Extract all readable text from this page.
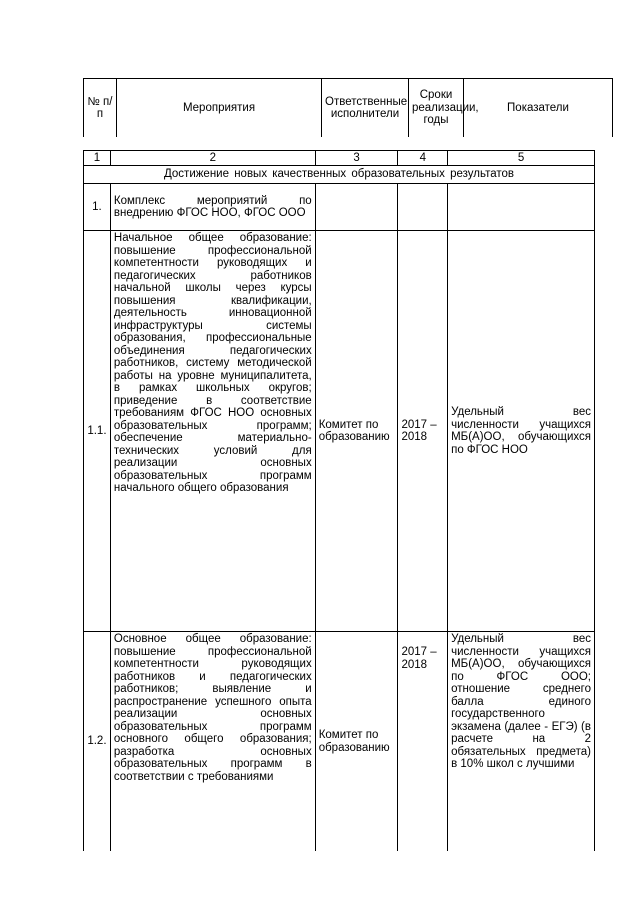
№ п/п	Мероприятия	Ответственные исполнители	Сроки реализации, годы	Показатели
1	2	3	4	5
Достижение новых качественных образовательных результатов				
1.	Комплекс мероприятий по внедрению ФГОС НОО, ФГОС ООО			
1.1.	Начальное общее образование: повышение профессиональной компетентности руководящих и педагогических работников начальной школы через курсы повышения квалификации, деятельность инновационной инфраструктуры системы образования, профессиональные объединения педагогических работников, систему методической работы на уровне муниципалитета, в рамках школьных округов; приведение в соответствие требованиям ФГОС НОО основных образовательных программ; обеспечение материально-технических условий для реализации основных образовательных программ начального общего образования	Комитет по образованию	2017 – 2018	Удельный вес численности учащихся МБ(А)ОО, обучающихся по ФГОС НОО
1.2.	Основное общее образование: повышение профессиональной компетентности руководящих работников и педагогических работников; выявление и распространение успешного опыта реализации основных образовательных программ основного общего образования; разработка основных образовательных программ в соответствии с требованиями	Комитет по образованию	2017 – 2018	Удельный вес численности учащихся МБ(А)ОО, обучающихся по ФГОС ООО; отношение среднего балла единого государственного экзамена (далее - ЕГЭ) (в расчете на 2 обязательных предмета) в 10% школ с лучшими
